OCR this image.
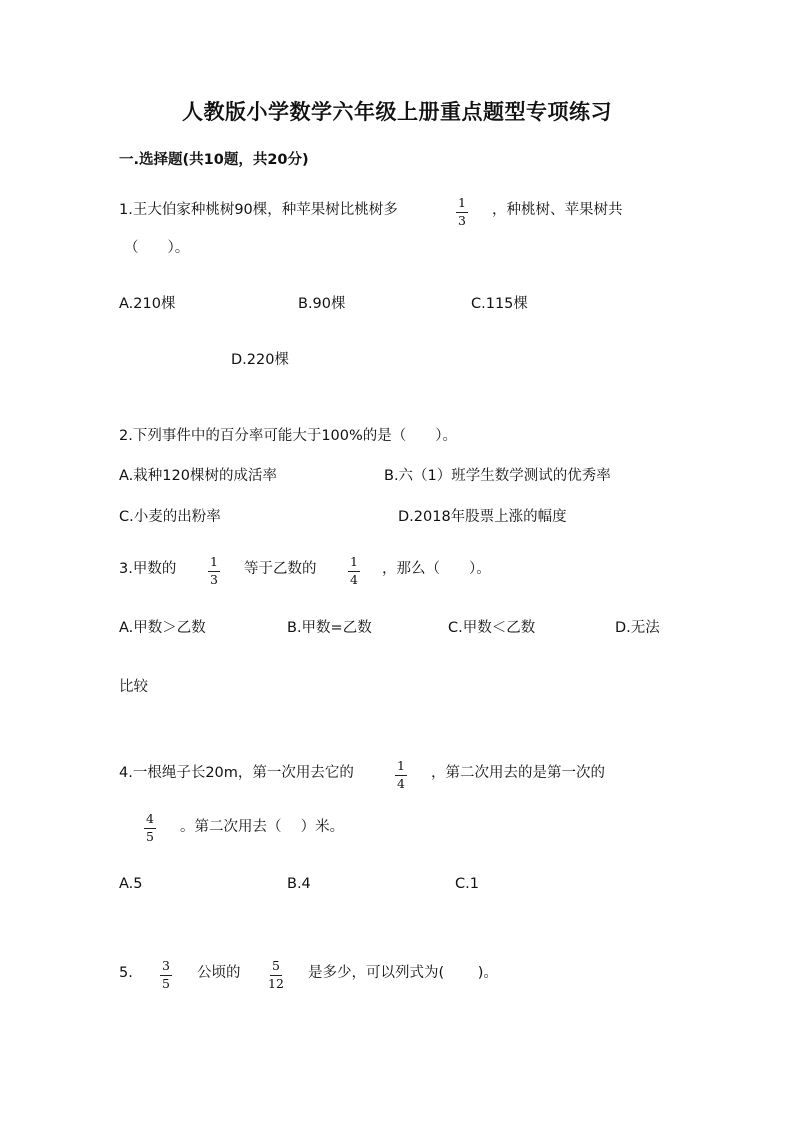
人教版小学数学六年级上册重点题型专项练习
一.选择题(共10题，共20分)
1.王大伯家种桃树90棵，种苹果树比桃树多	1
3
，种桃树、苹果树共
（　　）。
A.210棵	B.90棵	C.115棵
D.220棵
2.下列事件中的百分率可能大于100%的是（　　）。
A.栽种120棵树的成活率	B.六（1）班学生数学测试的优秀率
C.小麦的出粉率	D.2018年股票上涨的幅度
3.甲数的	1
3
等于乙数的	1
4
，那么（　　）。
A.甲数＞乙数	B.甲数=乙数	C.甲数＜乙数	D.无法
比较
4.一根绳子长20m，第一次用去它的	1
4
，第二次用去的是第一次的
4
5
。第二次用去（　 ）米。
A.5	B.4	C.1
5. 3
5
公顷的	5
12
是多少，可以列式为(　　 )。
